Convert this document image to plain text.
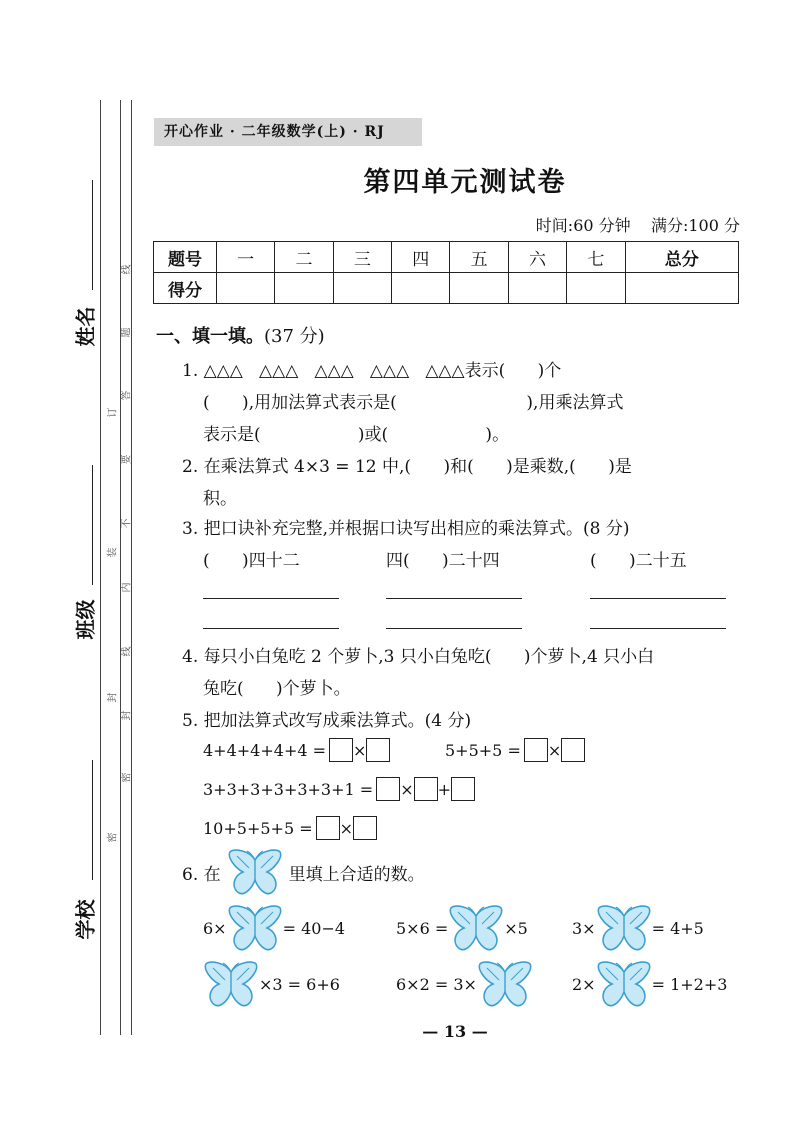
姓名
班级
学校
线
题
答
要
不
内
线
封
密
装
订
封
密
开心作业 · 二年级数学(上) · RJ
第四单元测试卷
时间:60 分钟    满分:100 分
题号	一	二	三	四	五	六	七	总分
得分								
一、填一填。(37 分)
1. △△△   △△△   △△△   △△△   △△△表示(      )个
(      ),用加法算式表示是(                        ),用乘法算式
表示是(                  )或(                  )。
2. 在乘法算式 4×3 = 12 中,(      )和(      )是乘数,(      )是
积。
3. 把口诀补充完整,并根据口诀写出相应的乘法算式。(8 分)
(      )四十二	四(      )二十四	(      )二十五
4. 每只小白兔吃 2 个萝卜,3 只小白兔吃(      )个萝卜,4 只小白
兔吃(      )个萝卜。
5. 把加法算式改写成乘法算式。(4 分)
4+4+4+4+4 = ×	5+5+5 = ×
3+3+3+3+3+3+1 = × +
10+5+5+5 = ×
6. 在	里填上合适的数。
6×	= 40−4	5×6 =	×5	3×	= 4+5
×3 = 6+6	6×2 = 3×	2×	= 1+2+3
— 13 —
